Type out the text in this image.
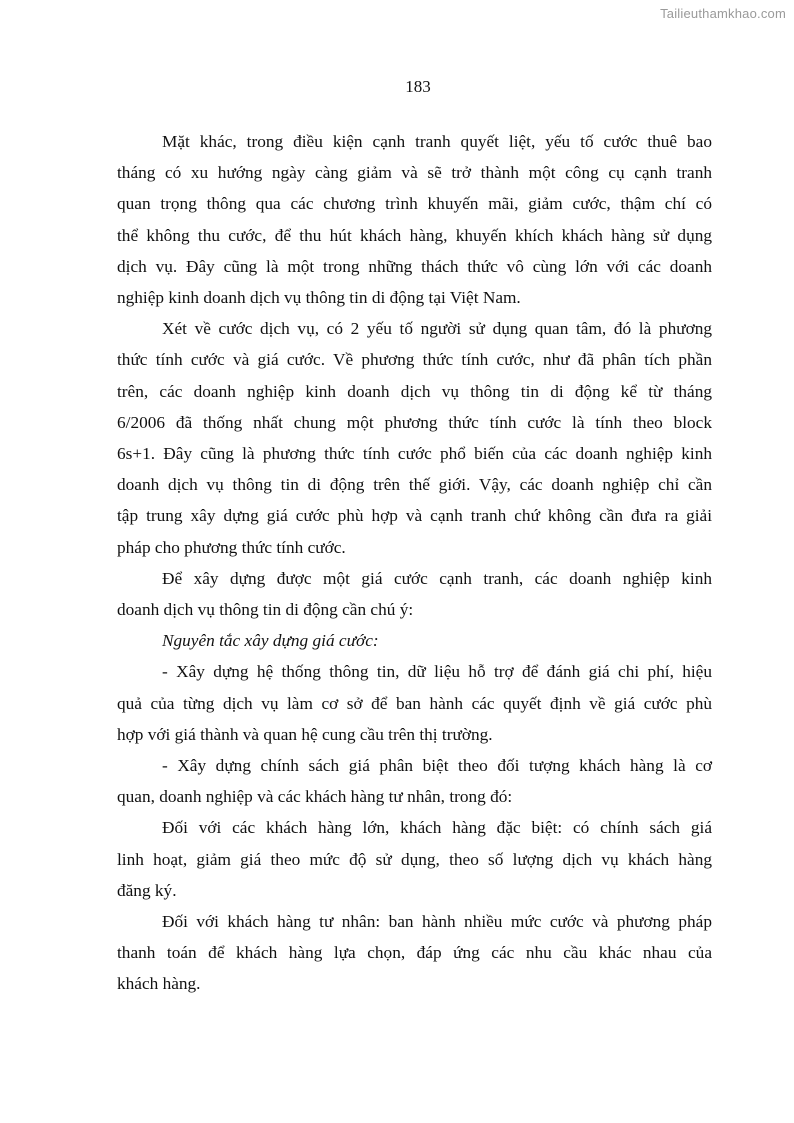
Tailieuthamkhao.com
183
Mặt khác, trong điều kiện cạnh tranh quyết liệt, yếu tố cước thuê bao
tháng có xu hướng ngày càng giảm và sẽ trở thành một công cụ cạnh tranh
quan trọng thông qua các chương trình khuyến mãi, giảm cước, thậm chí có
thể không thu cước, để thu hút khách hàng, khuyến khích khách hàng sử dụng
dịch vụ. Đây cũng là một trong những thách thức vô cùng lớn với các doanh
nghiệp kinh doanh dịch vụ thông tin di động tại Việt Nam.
Xét về cước dịch vụ, có 2 yếu tố người sử dụng quan tâm, đó là phương
thức tính cước và giá cước. Về phương thức tính cước, như đã phân tích phần
trên, các doanh nghiệp kinh doanh dịch vụ thông tin di động kể từ tháng
6/2006 đã thống nhất chung một phương thức tính cước là tính theo block
6s+1. Đây cũng là phương thức tính cước phổ biến của các doanh nghiệp kinh
doanh dịch vụ thông tin di động trên thế giới. Vậy, các doanh nghiệp chỉ cần
tập trung xây dựng giá cước phù hợp và cạnh tranh chứ không cần đưa ra giải
pháp cho phương thức tính cước.
Để xây dựng được một giá cước cạnh tranh, các doanh nghiệp kinh
doanh dịch vụ thông tin di động cần chú ý:
Nguyên tắc xây dựng giá cước:
- Xây dựng hệ thống thông tin, dữ liệu hỗ trợ để đánh giá chi phí, hiệu
quả của từng dịch vụ làm cơ sở để ban hành các quyết định về giá cước phù
hợp với giá thành và quan hệ cung cầu trên thị trường.
- Xây dựng chính sách giá phân biệt theo đối tượng khách hàng là cơ
quan, doanh nghiệp và các khách hàng tư nhân, trong đó:
Đối với các khách hàng lớn, khách hàng đặc biệt: có chính sách giá
linh hoạt, giảm giá theo mức độ sử dụng, theo số lượng dịch vụ khách hàng
đăng ký.
Đối với khách hàng tư nhân: ban hành nhiều mức cước và phương pháp
thanh toán để khách hàng lựa chọn, đáp ứng các nhu cầu khác nhau của
khách hàng.
